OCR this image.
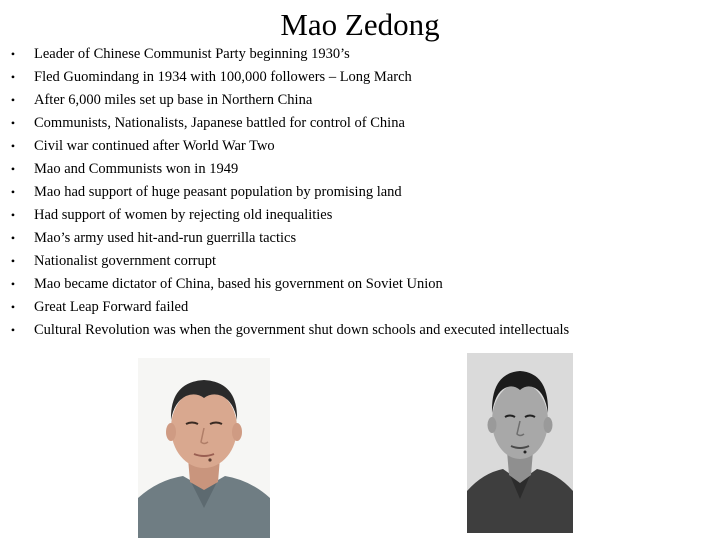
Mao Zedong
• Leader of Chinese Communist Party beginning 1930’s
• Fled Guomindang in 1934 with 100,000 followers – Long March
• After 6,000 miles set up base in Northern China
• Communists, Nationalists, Japanese battled for control of China
• Civil war continued after World War Two
• Mao and Communists won in 1949
• Mao had support of huge peasant population by promising land
• Had support of women by rejecting old inequalities
• Mao’s army used hit-and-run guerrilla tactics
• Nationalist government corrupt
• Mao became dictator of China, based his government on Soviet Union
• Great Leap Forward failed
• Cultural Revolution was when the government shut down schools and executed intellectuals
